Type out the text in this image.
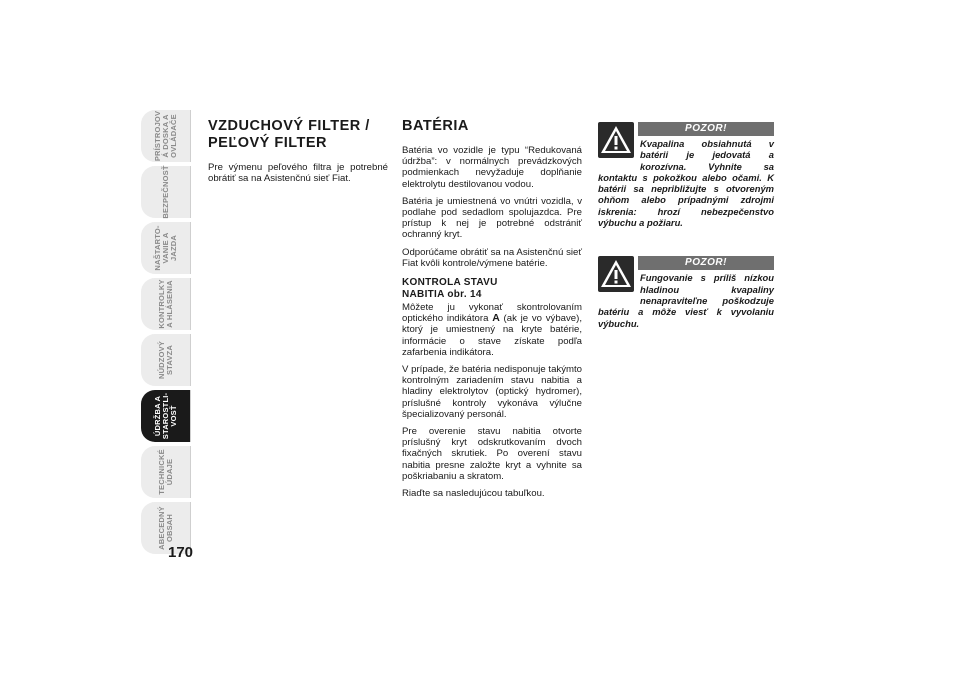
PRÍSTROJOV
Á DOSKA A
OVLÁDAČE
BEZPEČNOSŤ
NAŠTARTO-
VANIE A
JAZDA
KONTROLKY
A HLÁSENIA
NÚDZOVÝ
STAVZA
ÚDRŽBA A
STAROSTLI-
VOSŤ
TECHNICKÉ
ÚDAJE
ABECEDNÝ
OBSAH
170
VZDUCHOVÝ FILTER /
PEĽOVÝ FILTER

Pre výmenu peľového filtra je potrebné obrátiť sa na Asistenčnú sieť Fiat.

BATÉRIA

Batéria vo vozidle je typu “Redukovaná údržba”: v normálnych prevádzkových podmienkach nevyžaduje doplňanie elektrolytu destilovanou vodou.

Batéria je umiestnená vo vnútri vozidla, v podlahe pod sedadlom spolujazdca. Pre prístup k nej je potrebné odstrániť ochranný kryt.

Odporúčame obrátiť sa na Asistenčnú sieť Fiat kvôli kontrole/výmene batérie.

KONTROLA STAVU
NABITIA obr. 14

Môžete ju vykonať skontrolovaním optického indikátora A (ak je vo výbave), ktorý je umiestnený na kryte batérie, informácie o stave získate podľa zafarbenia indikátora.

V prípade, že batéria nedisponuje takýmto kontrolným zariadením stavu nabitia a hladiny elektrolytov (optický hydromer), príslušné kontroly vykonáva výlučne špecializovaný personál.

Pre overenie stavu nabitia otvorte príslušný kryt odskrutkovaním dvoch fixačných skrutiek. Po overení stavu nabitia presne založte kryt a vyhnite sa poškriabaniu a skratom.

Riaďte sa nasledujúcou tabuľkou.

POZOR!
Kvapalina obsiahnutá v batérii je jedovatá a korozívna. Vyhnite sa kontaktu s pokožkou alebo očami. K batérii sa nepribližujte s otvoreným ohňom alebo prípadnými zdrojmi iskrenia: hrozí nebezpečenstvo výbuchu a požiaru.
POZOR!
Fungovanie s príliš nízkou hladinou kvapaliny nenapraviteľne poškodzuje batériu a môže viesť k vyvolaniu výbuchu.
